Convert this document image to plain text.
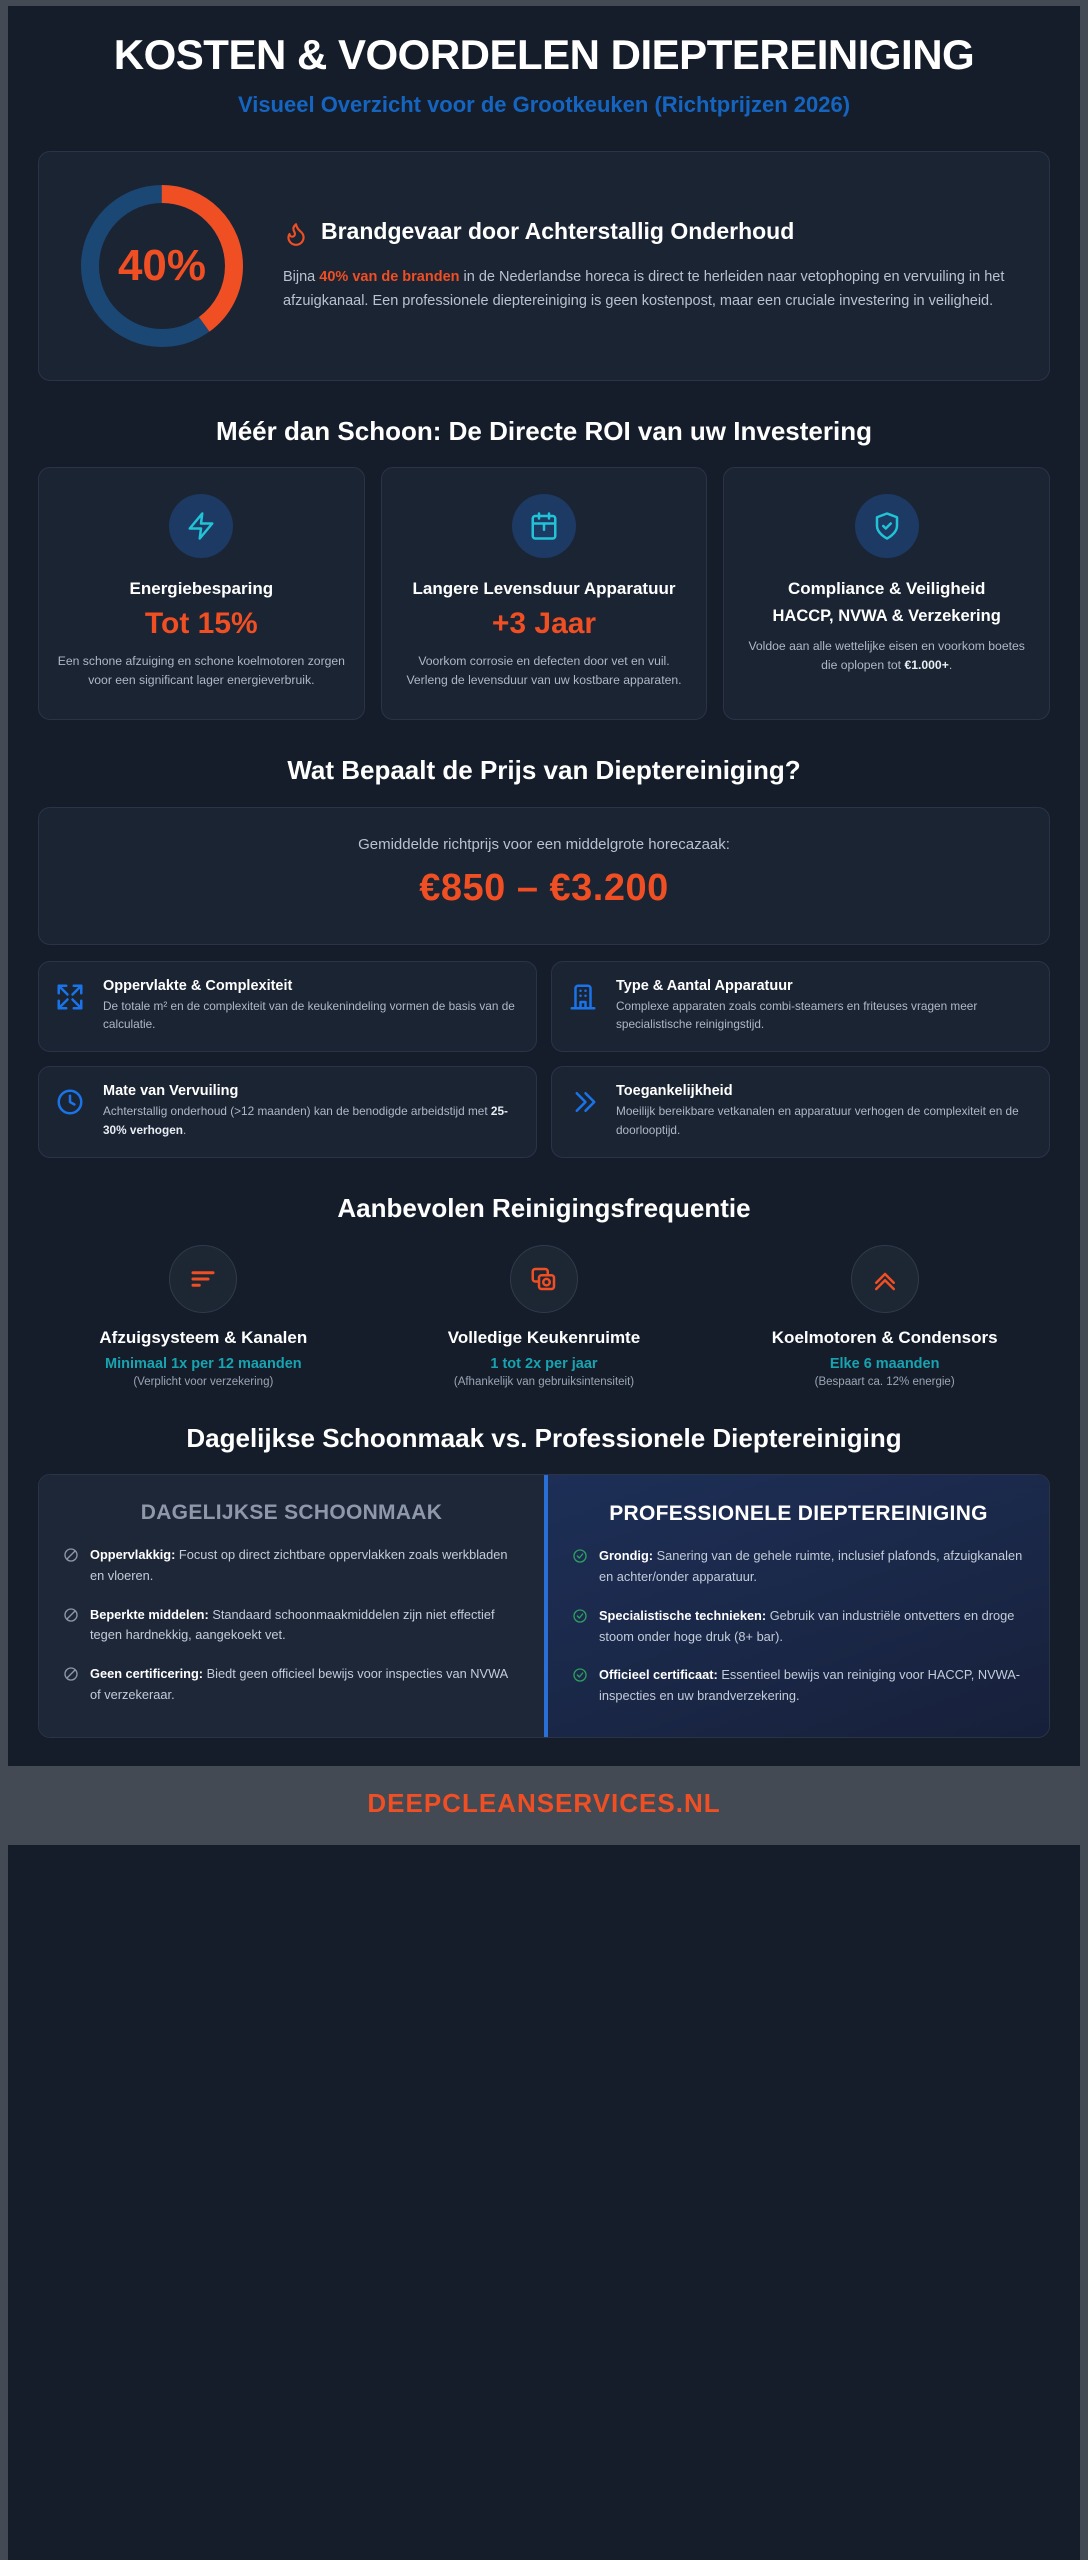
KOSTEN & VOORDELEN DIEPTEREINIGING
Visueel Overzicht voor de Grootkeuken (Richtprijzen 2026)
40%
Brandgevaar door Achterstallig Onderhoud

Bijna 40% van de branden in de Nederlandse horeca is direct te herleiden naar vetophoping en vervuiling in het afzuigkanaal. Een professionele dieptereiniging is geen kostenpost, maar een cruciale investering in veiligheid.

Méér dan Schoon: De Directe ROI van uw Investering
Energiebesparing
Tot 15%

Een schone afzuiging en schone koelmotoren zorgen voor een significant lager energieverbruik.

Langere Levensduur Apparatuur
+3 Jaar

Voorkom corrosie en defecten door vet en vuil. Verleng de levensduur van uw kostbare apparaten.

Compliance & Veiligheid
HACCP, NVWA & Verzekering

Voldoe aan alle wettelijke eisen en voorkom boetes die oplopen tot €1.000+.

Wat Bepaalt de Prijs van Dieptereiniging?
Gemiddelde richtprijs voor een middelgrote horecazaak:
€850 – €3.200
Oppervlakte & Complexiteit

De totale m² en de complexiteit van de keukenindeling vormen de basis van de calculatie.

Type & Aantal Apparatuur

Complexe apparaten zoals combi-steamers en friteuses vragen meer specialistische reinigingstijd.

Mate van Vervuiling

Achterstallig onderhoud (>12 maanden) kan de benodigde arbeidstijd met 25-30% verhogen.

Toegankelijkheid

Moeilijk bereikbare vetkanalen en apparatuur verhogen de complexiteit en de doorlooptijd.

Aanbevolen Reinigingsfrequentie
Afzuigsysteem & Kanalen
Minimaal 1x per 12 maanden
(Verplicht voor verzekering)
Volledige Keukenruimte
1 tot 2x per jaar
(Afhankelijk van gebruiksintensiteit)
Koelmotoren & Condensors
Elke 6 maanden
(Bespaart ca. 12% energie)
Dagelijkse Schoonmaak vs. Professionele Dieptereiniging
DAGELIJKSE SCHOONMAAK
Oppervlakkig: Focust op direct zichtbare oppervlakken zoals werkbladen en vloeren.
Beperkte middelen: Standaard schoonmaakmiddelen zijn niet effectief tegen hardnekkig, aangekoekt vet.
Geen certificering: Biedt geen officieel bewijs voor inspecties van NVWA of verzekeraar.
PROFESSIONELE DIEPTEREINIGING
Grondig: Sanering van de gehele ruimte, inclusief plafonds, afzuigkanalen en achter/onder apparatuur.
Specialistische technieken: Gebruik van industriële ontvetters en droge stoom onder hoge druk (8+ bar).
Officieel certificaat: Essentieel bewijs van reiniging voor HACCP, NVWA-inspecties en uw brandverzekering.
DEEPCLEANSERVICES.NL
